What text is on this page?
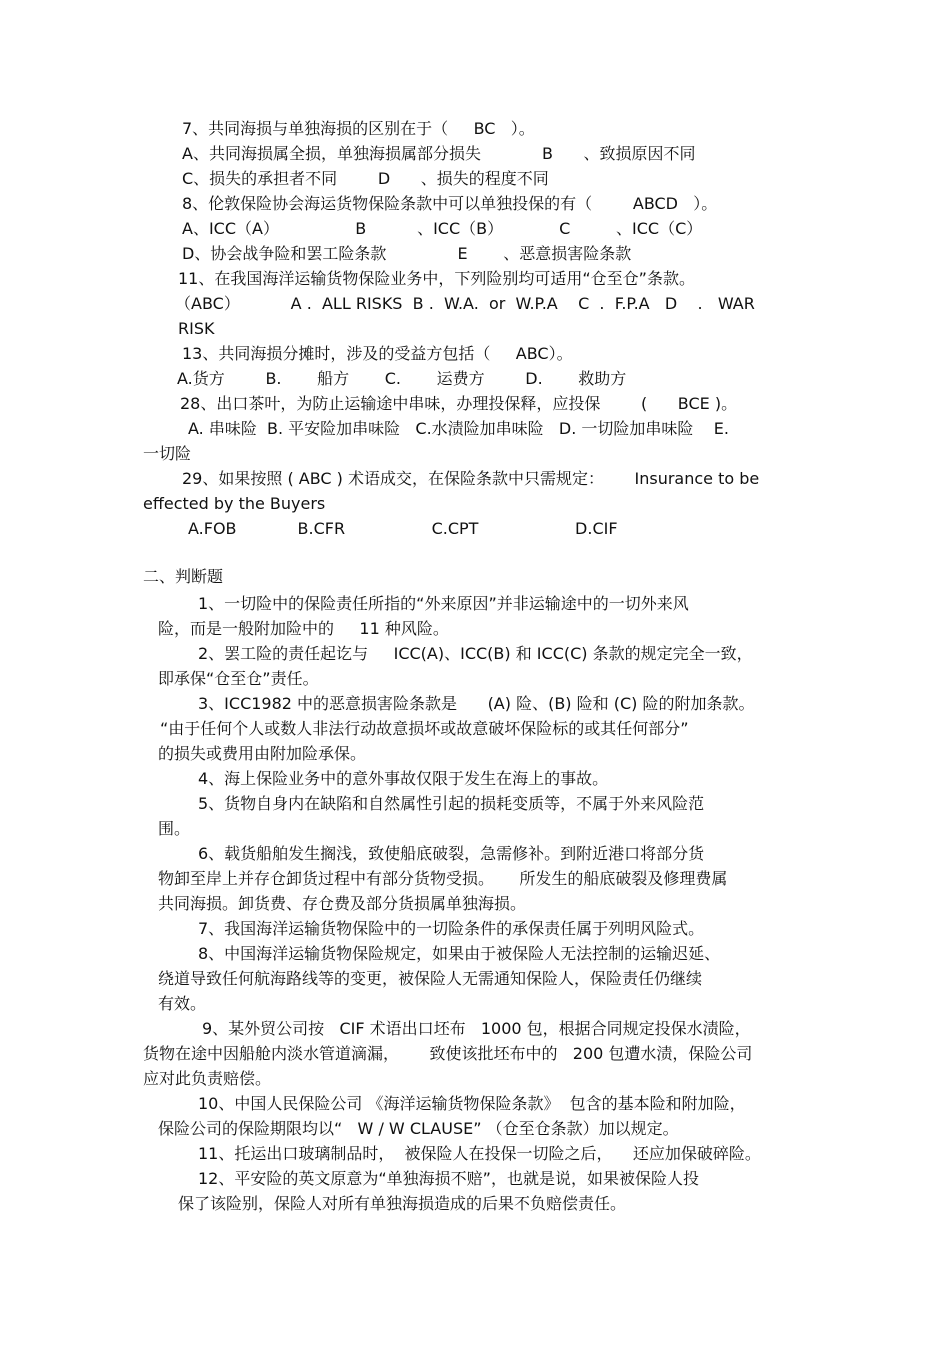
7、共同海损与单独海损的区别在于（     BC   ）。
A、共同海损属全损，单独海损属部分损失            B      、致损原因不同
C、损失的承担者不同        D      、损失的程度不同
8、伦敦保险协会海运货物保险条款中可以单独投保的有（        ABCD   ）。
A、ICC（A）               B          、ICC（B）           C         、ICC（C）
D、协会战争险和罢工险条款              E       、恶意损害险条款
11、在我国海洋运输货物保险业务中，下列险别均可适用“仓至仓”条款。
（ABC）          A .  ALL RISKS  B .  W.A.  or  W.P.A    C  .  F.P.A   D    .   WAR
RISK
13、共同海损分摊时，涉及的受益方包括（     ABC）。
A.货方        B.       船方       C.       运费方        D.       救助方
28、出口茶叶，为防止运输途中串味，办理投保释，应投保        (      BCE )。
A. 串味险  B. 平安险加串味险   C.水渍险加串味险   D. 一切险加串味险    E.
一切险
29、如果按照 ( ABC ) 术语成交，在保险条款中只需规定：      Insurance to be
effected by the Buyers
A.FOB            B.CFR                 C.CPT                   D.CIF
二、判断题
1、一切险中的保险责任所指的“外来原因”并非运输途中的一切外来风
险，而是一般附加险中的     11 种风险。
2、罢工险的责任起讫与     ICC(A)、ICC(B) 和 ICC(C) 条款的规定完全一致，
即承保“仓至仓”责任。
3、ICC1982 中的恶意损害险条款是      (A) 险、(B) 险和 (C) 险的附加条款。
“由于任何个人或数人非法行动故意损坏或故意破坏保险标的或其任何部分”
的损失或费用由附加险承保。
4、海上保险业务中的意外事故仅限于发生在海上的事故。
5、货物自身内在缺陷和自然属性引起的损耗变质等，不属于外来风险范
围。
6、载货船舶发生搁浅，致使船底破裂，急需修补。到附近港口将部分货
物卸至岸上并存仓卸货过程中有部分货物受损。     所发生的船底破裂及修理费属
共同海损。卸货费、存仓费及部分货损属单独海损。
7、我国海洋运输货物保险中的一切险条件的承保责任属于列明风险式。
8、中国海洋运输货物保险规定，如果由于被保险人无法控制的运输迟延、
绕道导致任何航海路线等的变更，被保险人无需通知保险人，保险责任仍继续
有效。
9、某外贸公司按   CIF 术语出口坯布   1000 包，根据合同规定投保水渍险，
货物在途中因船舱内淡水管道滴漏，      致使该批坯布中的   200 包遭水渍，保险公司
应对此负责赔偿。
10、中国人民保险公司 《海洋运输货物保险条款》  包含的基本险和附加险，
保险公司的保险期限均以“   W / W CLAUSE” （仓至仓条款）加以规定。
11、托运出口玻璃制品时，  被保险人在投保一切险之后，    还应加保破碎险。
12、平安险的英文原意为“单独海损不赔”，也就是说，如果被保险人投
保了该险别，保险人对所有单独海损造成的后果不负赔偿责任。
